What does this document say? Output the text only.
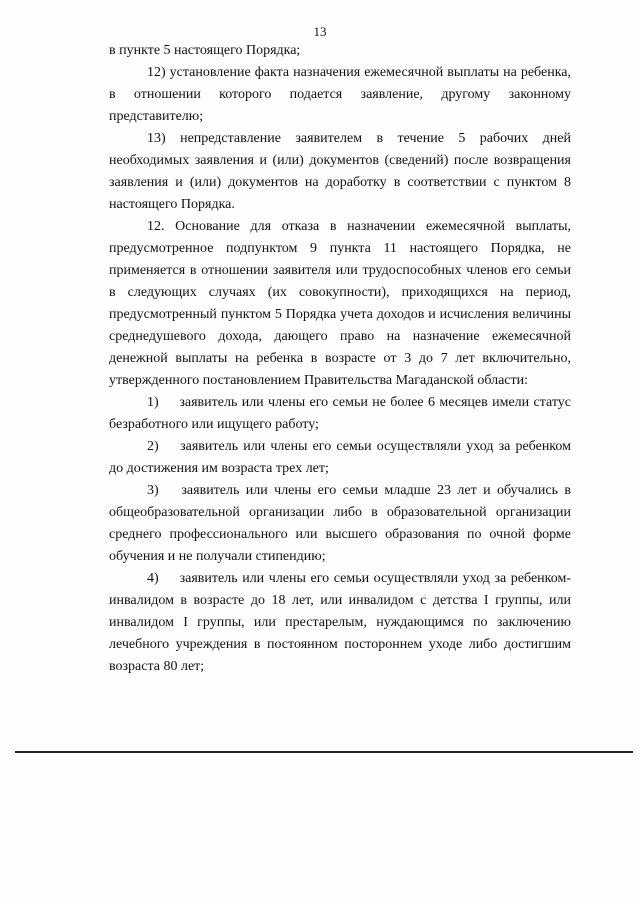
13

в пункте 5 настоящего Порядка;

12) установление факта назначения ежемесячной выплаты на ребенка, в отношении которого подается заявление, другому законному представителю;

13) непредставление заявителем в течение 5 рабочих дней необходимых заявления и (или) документов (сведений) после возвращения заявления и (или) документов на доработку в соответствии с пунктом 8 настоящего Порядка.

12. Основание для отказа в назначении ежемесячной выплаты, предусмотренное подпунктом 9 пункта 11 настоящего Порядка, не применяется в отношении заявителя или трудоспособных членов его семьи в следующих случаях (их совокупности), приходящихся на период, предусмотренный пунктом 5 Порядка учета доходов и исчисления величины среднедушевого дохода, дающего право на назначение ежемесячной денежной выплаты на ребенка в возрасте от 3 до 7 лет включительно, утвержденного постановлением Правительства Магаданской области:

1) заявитель или члены его семьи не более 6 месяцев имели статус безработного или ищущего работу;

2) заявитель или члены его семьи осуществляли уход за ребенком до достижения им возраста трех лет;

3) заявитель или члены его семьи младше 23 лет и обучались в общеобразовательной организации либо в образовательной организации среднего профессионального или высшего образования по очной форме обучения и не получали стипендию;

4) заявитель или члены его семьи осуществляли уход за ребенком-инвалидом в возрасте до 18 лет, или инвалидом с детства I группы, или инвалидом I группы, или престарелым, нуждающимся по заключению лечебного учреждения в постоянном постороннем уходе либо достигшим возраста 80 лет;
